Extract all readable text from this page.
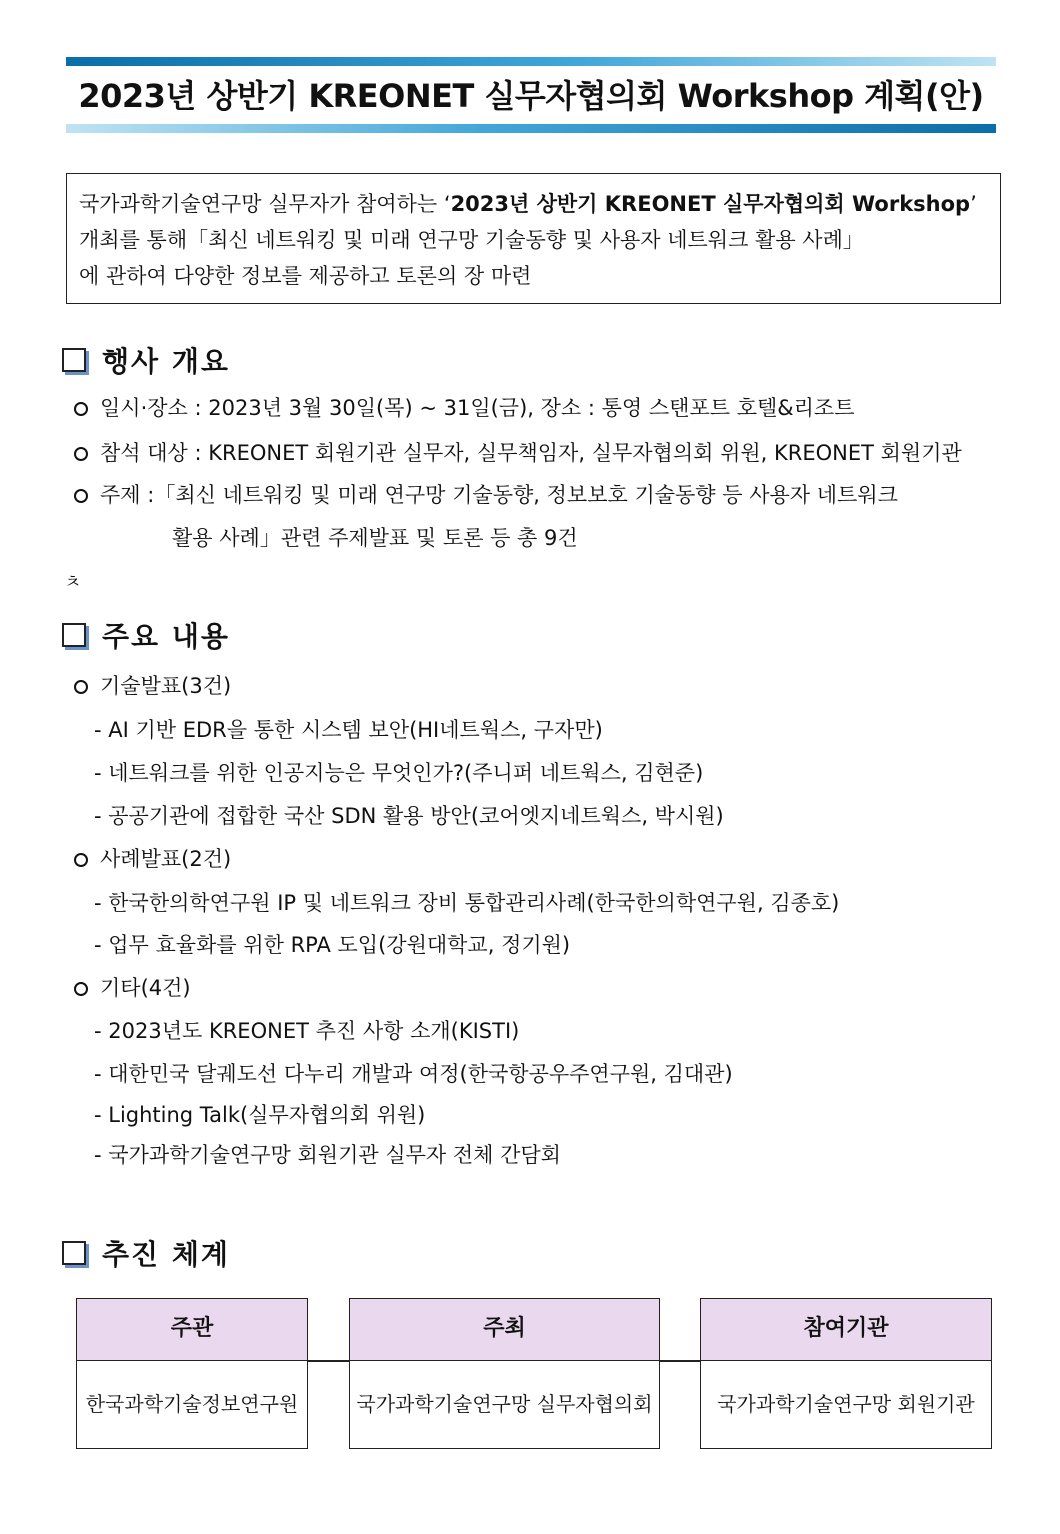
2023년 상반기 KREONET 실무자협의회 Workshop 계획(안)
국가과학기술연구망 실무자가 참여하는 ‘2023년 상반기 KREONET 실무자협의회 Workshop’
개최를 통해「최신 네트워킹 및 미래 연구망 기술동향 및 사용자 네트워크 활용 사례」
에 관하여 다양한 정보를 제공하고 토론의 장 마련
행사 개요
일시·장소 : 2023년 3월 30일(목) ~ 31일(금), 장소 : 통영 스탠포트 호텔&리조트
참석 대상 : KREONET 회원기관 실무자, 실무책임자, 실무자협의회 위원, KREONET 회원기관
주제 :「최신 네트워킹 및 미래 연구망 기술동향, 정보보호 기술동향 등 사용자 네트워크
활용 사례」관련 주제발표 및 토론 등 총 9건
ㅊ
주요 내용
기술발표(3건)
- AI 기반 EDR을 통한 시스템 보안(HI네트웍스, 구자만)
- 네트워크를 위한 인공지능은 무엇인가?(주니퍼 네트웍스, 김현준)
- 공공기관에 접합한 국산 SDN 활용 방안(코어엣지네트웍스, 박시원)
사례발표(2건)
- 한국한의학연구원 IP 및 네트워크 장비 통합관리사례(한국한의학연구원, 김종호)
- 업무 효율화를 위한 RPA 도입(강원대학교, 정기원)
기타(4건)
- 2023년도 KREONET 추진 사항 소개(KISTI)
- 대한민국 달궤도선 다누리 개발과 여정(한국항공우주연구원, 김대관)
- Lighting Talk(실무자협의회 위원)
- 국가과학기술연구망 회원기관 실무자 전체 간담회
추진 체계
주관
한국과학기술정보연구원
주최
국가과학기술연구망 실무자협의회
참여기관
국가과학기술연구망 회원기관
